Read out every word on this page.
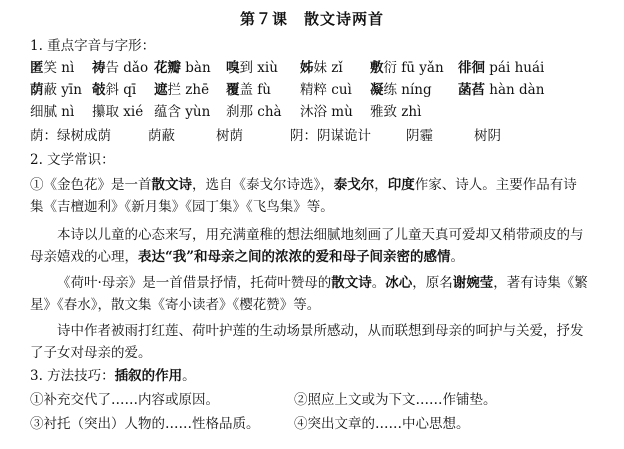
第７课　散文诗两首
1. 重点字音与字形：
匿笑 nì 祷告 dǎo 花瓣 bàn 嗅到 xiù 姊妹 zǐ 敷衍 fū yǎn 徘徊 pái huái
荫蔽 yīn 攲斜 qī 遮拦 zhē 覆盖 fù 精粹 cuì 凝练 níng 菡萏 hàn dàn
细腻 nì 攥取 xié 蕴含 yùn 刹那 chà 沐浴 mù 雅致 zhì
荫：绿树成荫	荫蔽	树荫	阴：阴谋诡计	阴霾	树阴
2. 文学常识：
①《金色花》是一首散文诗，选自《泰戈尔诗选》，泰戈尔，印度作家、诗人。主要作品有诗集《吉檀迦利》《新月集》《园丁集》《飞鸟集》等。
本诗以儿童的心态来写，用充满童稚的想法细腻地刻画了儿童天真可爱却又稍带顽皮的与母亲嬉戏的心理，表达“我”和母亲之间的浓浓的爱和母子间亲密的感情。
《荷叶·母亲》是一首借景抒情，托荷叶赞母的散文诗。冰心，原名谢婉莹，著有诗集《繁星》《春水》，散文集《寄小读者》《樱花赞》等。
诗中作者被雨打红莲、荷叶护莲的生动场景所感动，从而联想到母亲的呵护与关爱，抒发了子女对母亲的爱。
3. 方法技巧：插叙的作用。
①补充交代了……内容或原因。	②照应上文或为下文……作铺垫。
③衬托（突出）人物的……性格品质。	④突出文章的……中心思想。
